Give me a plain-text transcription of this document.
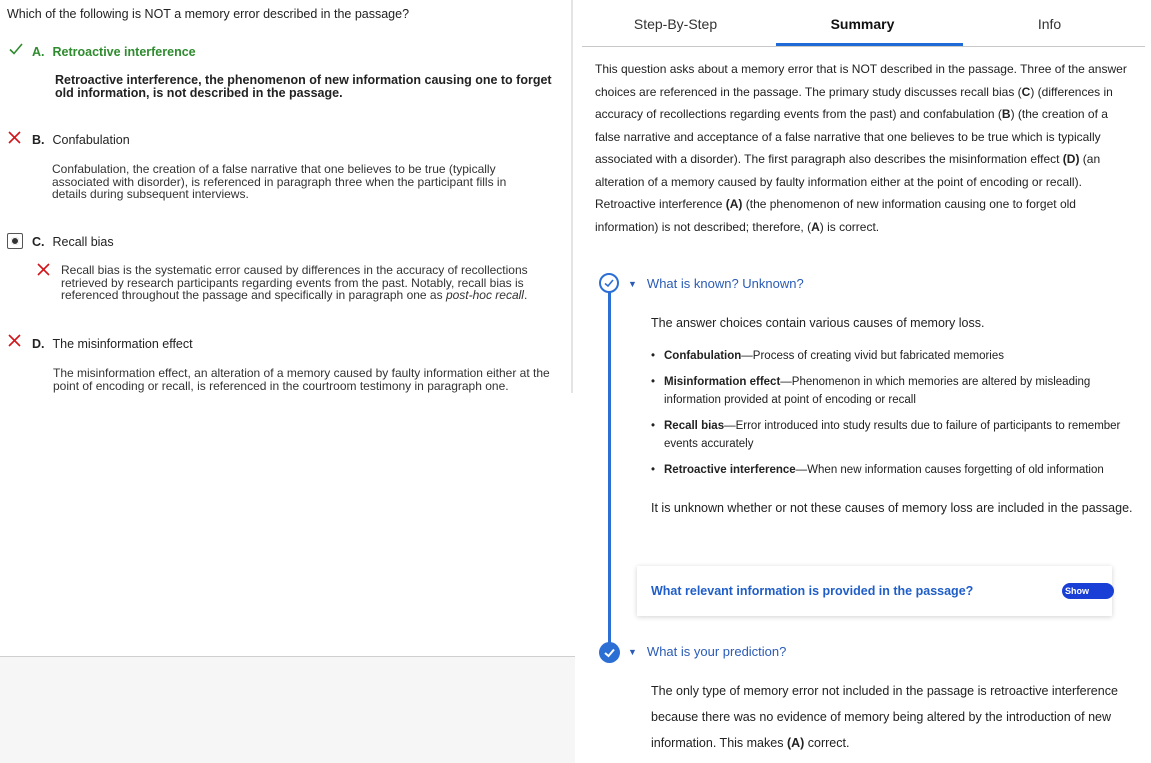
Which of the following is NOT a memory error described in the passage?
A. Retroactive interference
Retroactive interference, the phenomenon of new information causing one to forget old information, is not described in the passage.
B. Confabulation
Confabulation, the creation of a false narrative that one believes to be true (typically associated with disorder), is referenced in paragraph three when the participant fills in details during subsequent interviews.
C. Recall bias
Recall bias is the systematic error caused by differences in the accuracy of recollections retrieved by research participants regarding events from the past. Notably, recall bias is referenced throughout the passage and specifically in paragraph one as post-hoc recall.
D. The misinformation effect
The misinformation effect, an alteration of a memory caused by faulty information either at the point of encoding or recall, is referenced in the courtroom testimony in paragraph one.
Step-By-Step	Summary	Info
This question asks about a memory error that is NOT described in the passage. Three of the answer choices are referenced in the passage. The primary study discusses recall bias (C) (differences in accuracy of recollections regarding events from the past) and confabulation (B) (the creation of a false narrative and acceptance of a false narrative that one believes to be true which is typically associated with a disorder). The first paragraph also describes the misinformation effect (D) (an alteration of a memory caused by faulty information either at the point of encoding or recall). Retroactive interference (A) (the phenomenon of new information causing one to forget old information) is not described; therefore, (A) is correct.
▼ What is known? Unknown?
The answer choices contain various causes of memory loss.
• Confabulation—Process of creating vivid but fabricated memories
• Misinformation effect—Phenomenon in which memories are altered by misleading information provided at point of encoding or recall
• Recall bias—Error introduced into study results due to failure of participants to remember events accurately
• Retroactive interference—When new information causes forgetting of old information
It is unknown whether or not these causes of memory loss are included in the passage.
What relevant information is provided in the passage?	Show
▼ What is your prediction?
The only type of memory error not included in the passage is retroactive interference because there was no evidence of memory being altered by the introduction of new information. This makes (A) correct.
